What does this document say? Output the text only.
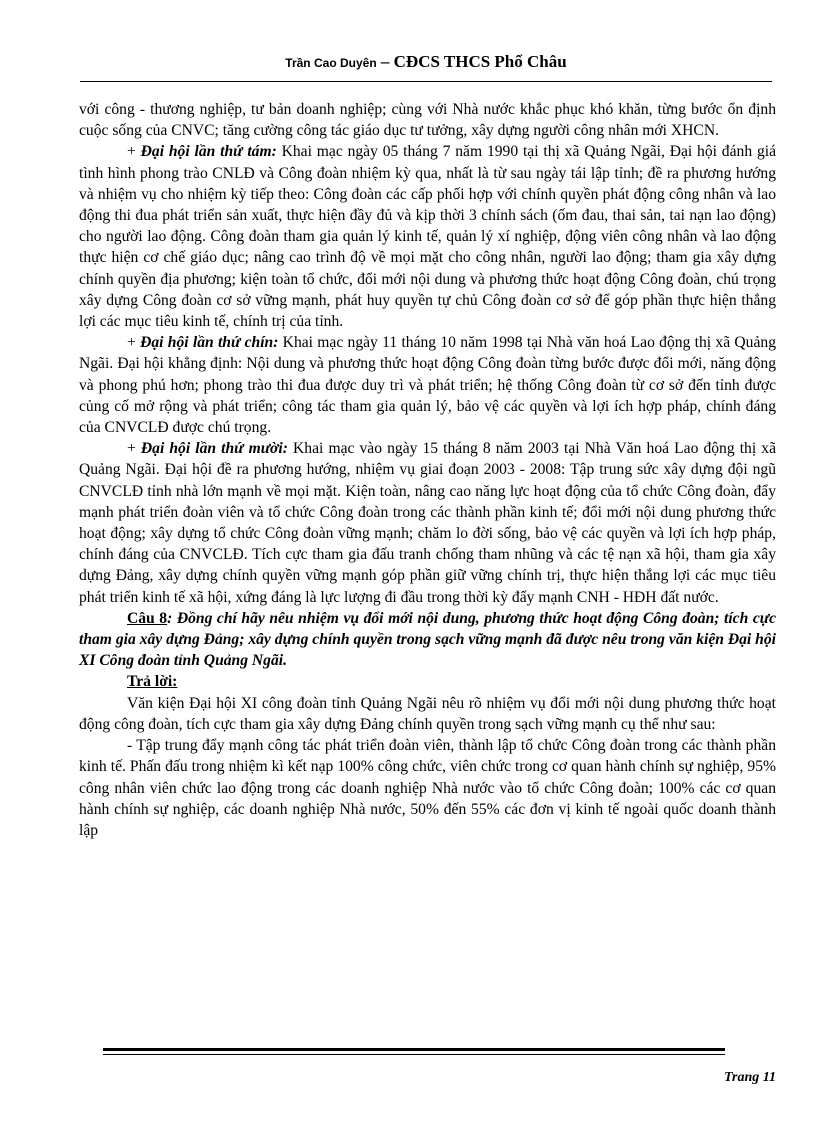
Trần Cao Duyên – CĐCS THCS Phổ Châu

với công - thương nghiệp, tư bản doanh nghiệp; cùng với Nhà nước khắc phục khó khăn, từng bước ổn định cuộc sống của CNVC; tăng cường công tác giáo dục tư tưởng, xây dựng người công nhân mới XHCN.

+ Đại hội lần thứ tám: Khai mạc ngày 05 tháng 7 năm 1990 tại thị xã Quảng Ngãi, Đại hội đánh giá tình hình phong trào CNLĐ và Công đoàn nhiệm kỳ qua, nhất là từ sau ngày tái lập tỉnh; đề ra phương hướng và nhiệm vụ cho nhiệm kỳ tiếp theo: Công đoàn các cấp phối hợp với chính quyền phát động công nhân và lao động thi đua phát triển sản xuất, thực hiện đầy đủ và kịp thời 3 chính sách (ốm đau, thai sản, tai nạn lao động) cho người lao động. Công đoàn tham gia quản lý kinh tế, quản lý xí nghiệp, động viên công nhân và lao động thực hiện cơ chế giáo dục; nâng cao trình độ về mọi mặt cho công nhân, người lao động; tham gia xây dựng chính quyền địa phương; kiện toàn tổ chức, đổi mới nội dung và phương thức hoạt động Công đoàn, chú trọng xây dựng Công đoàn cơ sở vững mạnh, phát huy quyền tự chủ Công đoàn cơ sở để góp phần thực hiện thắng lợi các mục tiêu kinh tế, chính trị của tỉnh.

+ Đại hội lần thứ chín: Khai mạc ngày 11 tháng 10 năm 1998 tại Nhà văn hoá Lao động thị xã Quảng Ngãi. Đại hội khẳng định: Nội dung và phương thức hoạt động Công đoàn từng bước được đổi mới, năng động và phong phú hơn; phong trào thi đua được duy trì và phát triển; hệ thống Công đoàn từ cơ sở đến tỉnh được củng cố mở rộng và phát triển; công tác tham gia quản lý, bảo vệ các quyền và lợi ích hợp pháp, chính đáng của CNVCLĐ được chú trọng.

+ Đại hội lần thứ mười: Khai mạc vào ngày 15 tháng 8 năm 2003 tại Nhà Văn hoá Lao động thị xã Quảng Ngãi. Đại hội đề ra phương hướng, nhiệm vụ giai đoạn 2003 - 2008: Tập trung sức xây dựng đội ngũ CNVCLĐ tỉnh nhà lớn mạnh về mọi mặt. Kiện toàn, nâng cao năng lực hoạt động của tổ chức Công đoàn, đẩy mạnh phát triển đoàn viên và tổ chức Công đoàn trong các thành phần kinh tế; đổi mới nội dung phương thức hoạt động; xây dựng tổ chức Công đoàn vững mạnh; chăm lo đời sống, bảo vệ các quyền và lợi ích hợp pháp, chính đáng của CNVCLĐ. Tích cực tham gia đấu tranh chống tham nhũng và các tệ nạn xã hội, tham gia xây dựng Đảng, xây dựng chính quyền vững mạnh góp phần giữ vững chính trị, thực hiện thắng lợi các mục tiêu phát triển kinh tế xã hội, xứng đáng là lực lượng đi đầu trong thời kỳ đẩy mạnh CNH - HĐH đất nước.

Câu 8: Đồng chí hãy nêu nhiệm vụ đổi mới nội dung, phương thức hoạt động Công đoàn; tích cực tham gia xây dựng Đảng; xây dựng chính quyền trong sạch vững mạnh đã được nêu trong văn kiện Đại hội XI Công đoàn tỉnh Quảng Ngãi.

Trả lời:

Văn kiện Đại hội XI công đoàn tỉnh Quảng Ngãi nêu rõ nhiệm vụ đổi mới nội dung phương thức hoạt động công đoàn, tích cực tham gia xây dựng Đảng chính quyền trong sạch vững mạnh cụ thể như sau:

- Tập trung đẩy mạnh công tác phát triển đoàn viên, thành lập tổ chức Công đoàn trong các thành phần kinh tế. Phấn đấu trong nhiệm kì kết nạp 100% công chức, viên chức trong cơ quan hành chính sự nghiệp, 95% công nhân viên chức lao động trong các doanh nghiệp Nhà nước vào tổ chức Công đoàn; 100% các cơ quan hành chính sự nghiệp, các doanh nghiệp Nhà nước, 50% đến 55% các đơn vị kinh tế ngoài quốc doanh thành lập

Trang 11
